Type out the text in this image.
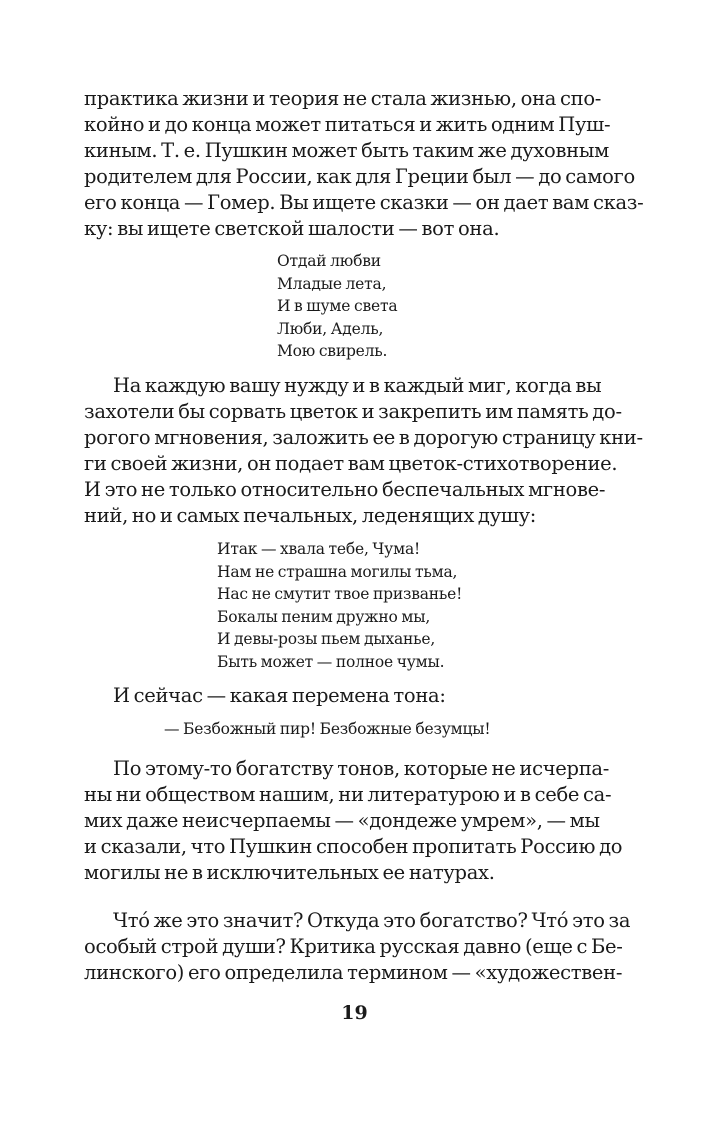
практика жизни и теория не стала жизнью, она спо-
койно и до конца может питаться и жить одним Пуш-
киным. Т. е. Пушкин может быть таким же духовным
родителем для России, как для Греции был — до самого
его конца — Гомер. Вы ищете сказки — он дает вам сказ-
ку: вы ищете светской шалости — вот она.
Отдай любви
Младые лета,
И в шуме света
Люби, Адель,
Мою свирель.
На каждую вашу нужду и в каждый миг, когда вы
захотели бы сорвать цветок и закрепить им память до-
рогого мгновения, заложить ее в дорогую страницу кни-
ги своей жизни, он подает вам цветок-стихотворение.
И это не только относительно беспечальных мгнове-
ний, но и самых печальных, леденящих душу:
Итак — хвала тебе, Чума!
Нам не страшна могилы тьма,
Нас не смутит твое призванье!
Бокалы пеним дружно мы,
И девы-розы пьем дыханье,
Быть может — полное чумы.
И сейчас — какая перемена тона:
— Безбожный пир! Безбожные безумцы!
По этому-то богатству тонов, которые не исчерпа-
ны ни обществом нашим, ни литературою и в себе са-
мих даже неисчерпаемы — «дондеже умрем», — мы
и сказали, что Пушкин способен пропитать Россию до
могилы не в исключительных ее натурах.
Чтó же это значит? Откуда это богатство? Чтó это за
особый строй души? Критика русская давно (еще с Бе-
линского) его определила термином — «художествен-
19
